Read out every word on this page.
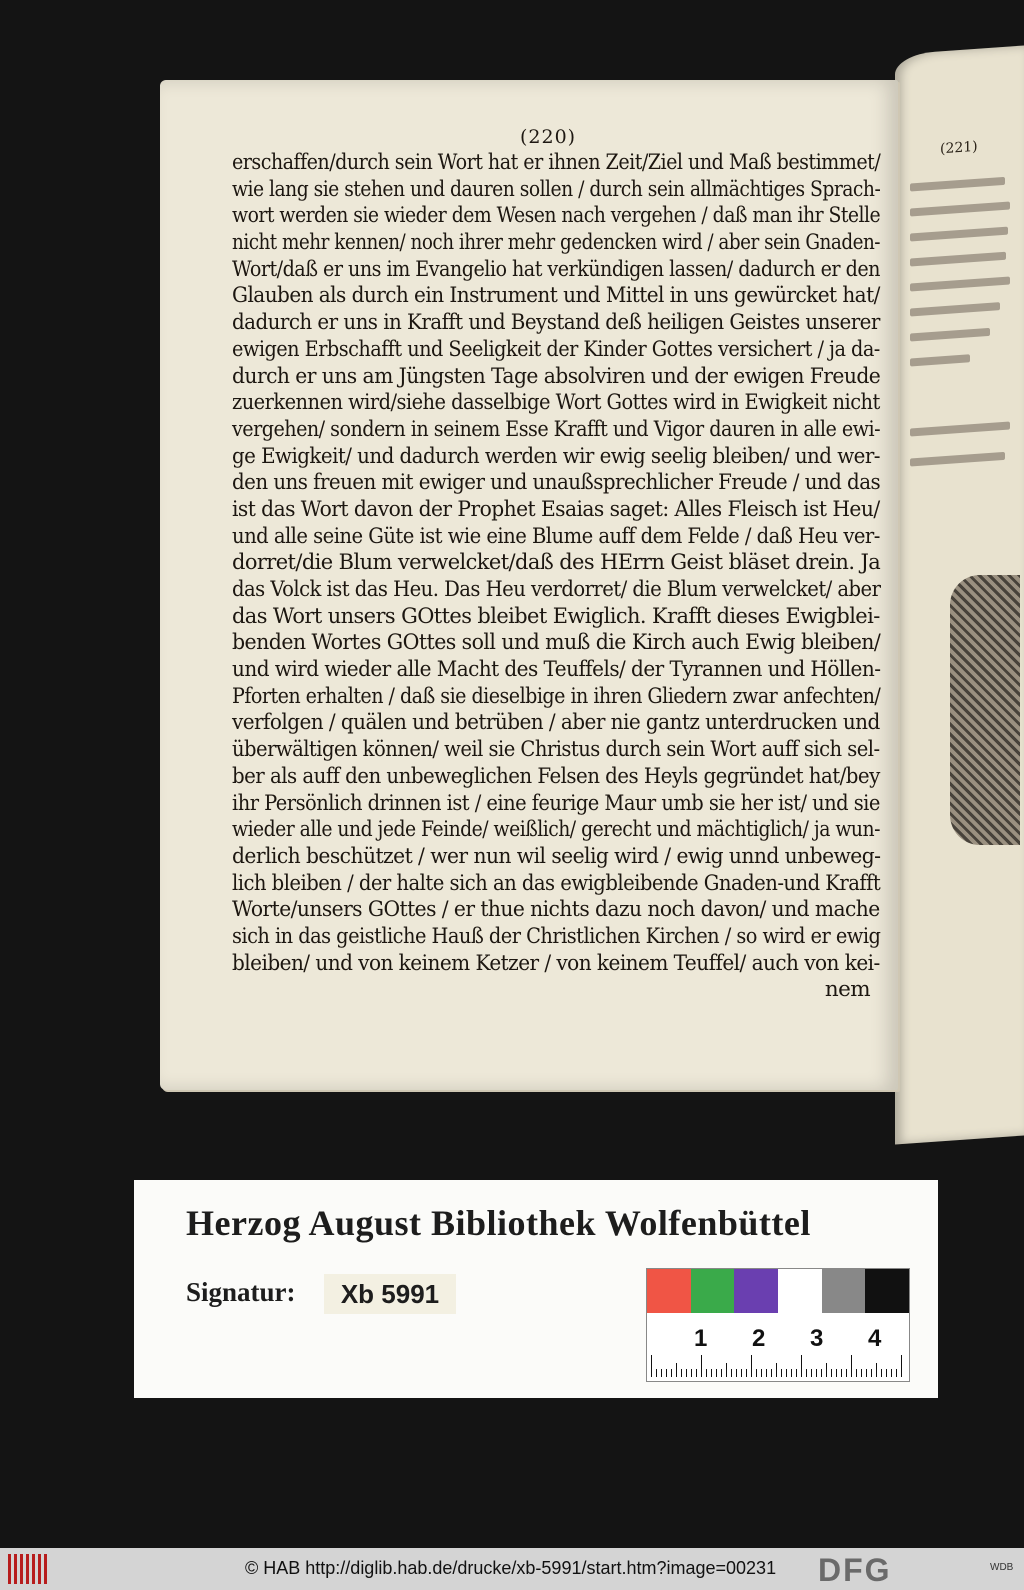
(221)
(220)
erschaffen/durch sein Wort hat er ihnen Zeit/Ziel und Maß bestimmet/
wie lang sie stehen und dauren sollen / durch sein allmächtiges Sprach-
wort werden sie wieder dem Wesen nach vergehen / daß man ihr Stelle
nicht mehr kennen/ noch ihrer mehr gedencken wird / aber sein Gnaden-
Wort/daß er uns im Evangelio hat verkündigen lassen/ dadurch er den
Glauben als durch ein Instrument und Mittel in uns gewürcket hat/
dadurch er uns in Krafft und Beystand deß heiligen Geistes unserer
ewigen Erbschafft und Seeligkeit der Kinder Gottes versichert / ja da-
durch er uns am Jüngsten Tage absolviren und der ewigen Freude
zuerkennen wird/siehe dasselbige Wort Gottes wird in Ewigkeit nicht
vergehen/ sondern in seinem Esse Krafft und Vigor dauren in alle ewi-
ge Ewigkeit/ und dadurch werden wir ewig seelig bleiben/ und wer-
den uns freuen mit ewiger und unaußsprechlicher Freude / und das
ist das Wort davon der Prophet Esaias saget: Alles Fleisch ist Heu/
und alle seine Güte ist wie eine Blume auff dem Felde / daß Heu ver-
dorret/die Blum verwelcket/daß des HErrn Geist bläset drein. Ja
das Volck ist das Heu. Das Heu verdorret/ die Blum verwelcket/ aber
das Wort unsers GOttes bleibet Ewiglich. Krafft dieses Ewigblei-
benden Wortes GOttes soll und muß die Kirch auch Ewig bleiben/
und wird wieder alle Macht des Teuffels/ der Tyrannen und Höllen-
Pforten erhalten / daß sie dieselbige in ihren Gliedern zwar anfechten/
verfolgen / quälen und betrüben / aber nie gantz unterdrucken und
überwältigen können/ weil sie Christus durch sein Wort auff sich sel-
ber als auff den unbeweglichen Felsen des Heyls gegründet hat/bey
ihr Persönlich drinnen ist / eine feurige Maur umb sie her ist/ und sie
wieder alle und jede Feinde/ weißlich/ gerecht und mächtiglich/ ja wun-
derlich beschützet / wer nun wil seelig wird / ewig unnd unbeweg-
lich bleiben / der halte sich an das ewigbleibende Gnaden-und Krafft
Worte/unsers GOttes / er thue nichts dazu noch davon/ und mache
sich in das geistliche Hauß der Christlichen Kirchen / so wird er ewig
bleiben/ und von keinem Ketzer / von keinem Teuffel/ auch von kei-
nem
Herzog August Bibliothek Wolfenbüttel
Signatur:	Xb 5991
1 2 3 4
© HAB http://diglib.hab.de/drucke/xb-5991/start.htm?image=00231 DFG	WDB
